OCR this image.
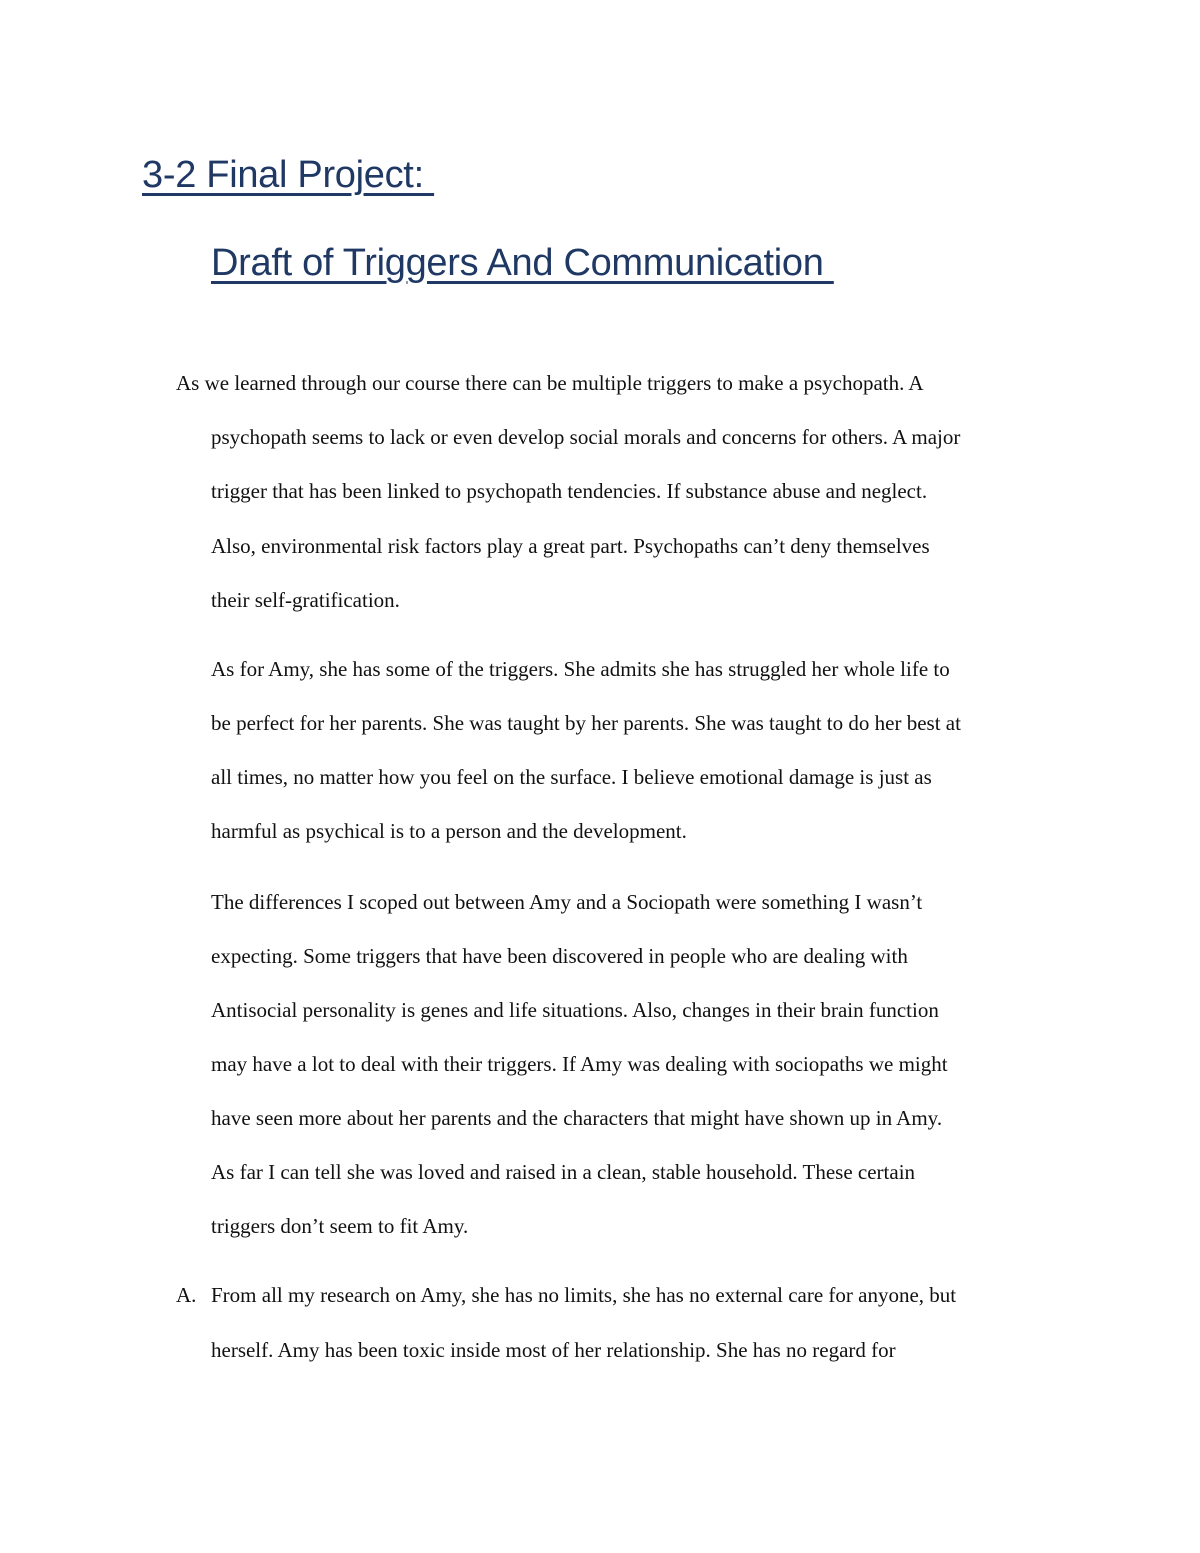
3-2 Final Project:
Draft of Triggers And Communication
As we learned through our course there can be multiple triggers to make a psychopath. A
psychopath seems to lack or even develop social morals and concerns for others. A major
trigger that has been linked to psychopath tendencies. If substance abuse and neglect.
Also, environmental risk factors play a great part. Psychopaths can’t deny themselves
their self-gratification.
As for Amy, she has some of the triggers. She admits she has struggled her whole life to
be perfect for her parents. She was taught by her parents. She was taught to do her best at
all times, no matter how you feel on the surface. I believe emotional damage is just as
harmful as psychical is to a person and the development.
The differences I scoped out between Amy and a Sociopath were something I wasn’t
expecting. Some triggers that have been discovered in people who are dealing with
Antisocial personality is genes and life situations. Also, changes in their brain function
may have a lot to deal with their triggers. If Amy was dealing with sociopaths we might
have seen more about her parents and the characters that might have shown up in Amy.
As far I can tell she was loved and raised in a clean, stable household. These certain
triggers don’t seem to fit Amy.
A. From all my research on Amy, she has no limits, she has no external care for anyone, but
herself. Amy has been toxic inside most of her relationship. She has no regard for
